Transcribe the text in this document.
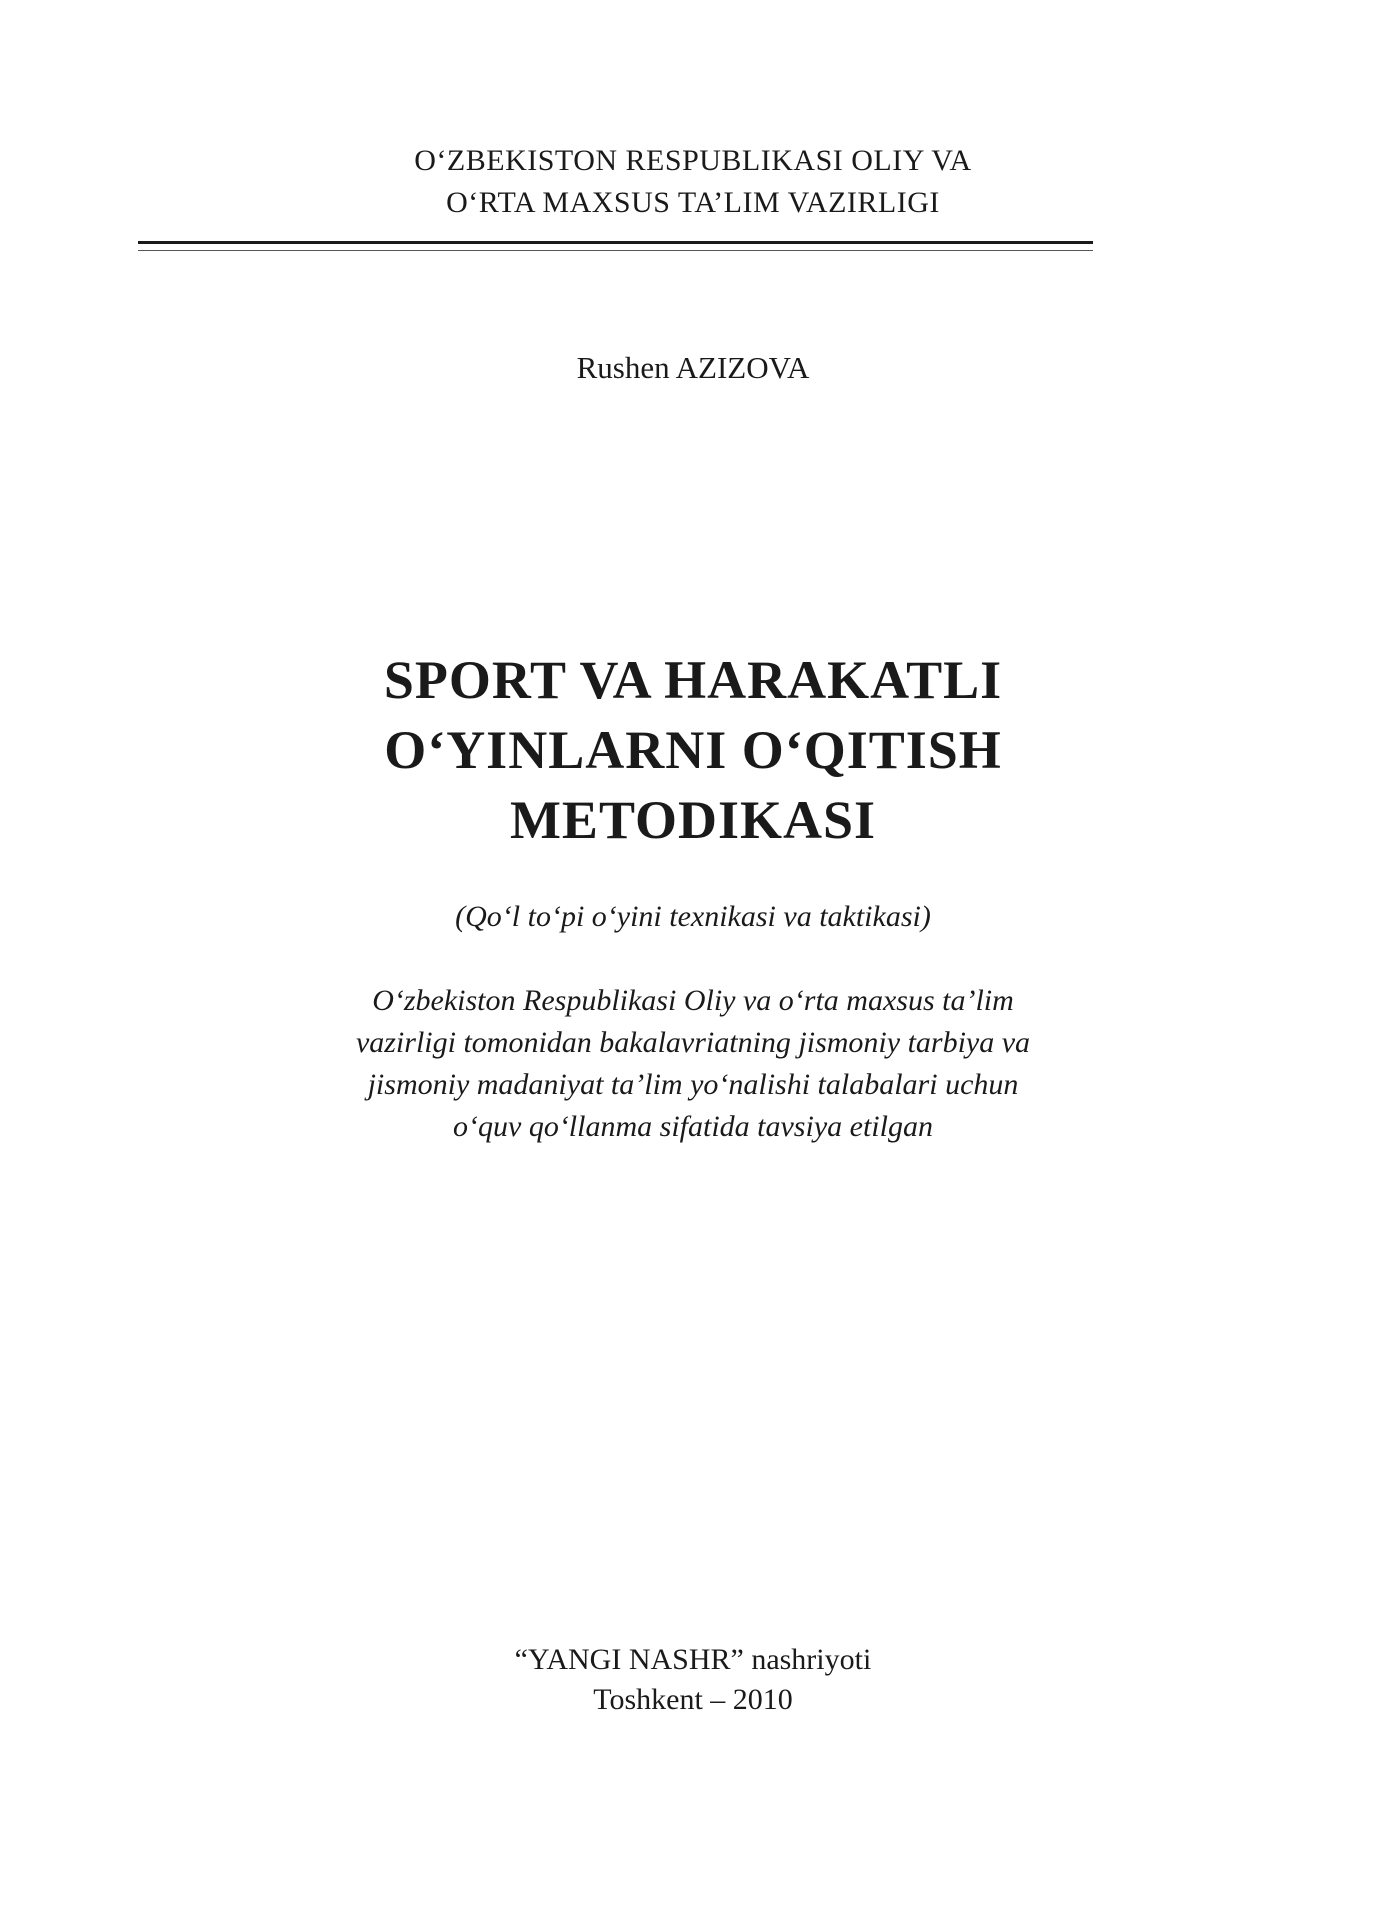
O‘ZBEKISTON RESPUBLIKASI OLIY VA
O‘RTA MAXSUS TA’LIM VAZIRLIGI
Rushen AZIZOVA
SPORT VA HARAKATLI
O‘YINLARNI O‘QITISH
METODIKASI
(Qo‘l to‘pi o‘yini texnikasi va taktikasi)
O‘zbekiston Respublikasi Oliy va o‘rta maxsus ta’lim
vazirligi tomonidan bakalavriatning jismoniy tarbiya va
jismoniy madaniyat ta’lim yo‘nalishi talabalari uchun
o‘quv qo‘llanma sifatida tavsiya etilgan
“YANGI NASHR” nashriyoti
Toshkent – 2010
